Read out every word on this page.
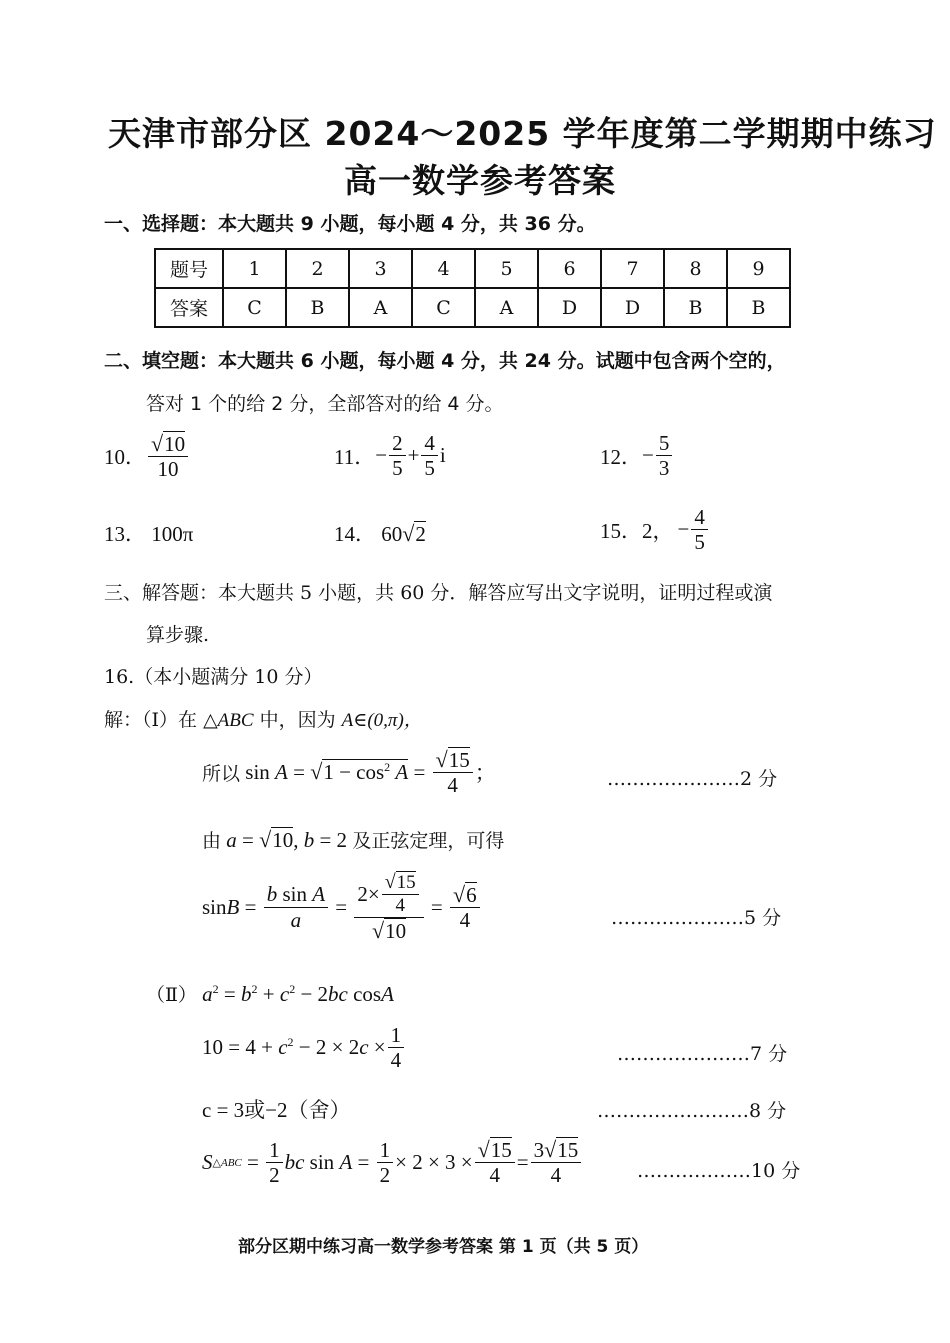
天津市部分区 2024～2025 学年度第二学期期中练习
高一数学参考答案
一、选择题：本大题共 9 小题，每小题 4 分，共 36 分。
题号	1	2	3	4	5	6	7	8	9
答案	C	B	A	C	A	D	D	B	B
二、填空题：本大题共 6 小题，每小题 4 分，共 24 分。试题中包含两个空的，
答对 1 个的给 2 分，全部答对的给 4 分。
10． $\frac{√10}{10}$	11． − $\frac{2}{5} + \frac{4}{5}$ i	12． − $\frac{5}{3}$
13． 100π	14． 60√2	15． 2， − $\frac{4}{5}$
三、解答题：本大题共 5 小题，共 60 分．解答应写出文字说明，证明过程或演
算步骤.
16.（本小题满分 10 分）
解：（Ⅰ）在 △ABC 中，因为 A∈(0,π)，
所以 $\sin A = √1 - \cos^2 A = \frac{√15}{4}$ ；	…………………2 分
由 a = √10, b = 2 及正弦定理，可得
$\sin B = \frac{\text{b sin A}}{a} = \frac{2\times \frac{√15}{4}}{√10} = \frac{√6}{4}$	…………………5 分
（Ⅱ） $a^2 = b^2 + c^2 - 2bc$ cosA
$10 = 4 + c^2 - 2 \times 2c \times \frac{1}{4}$	…………………7 分
c = 3或−2（舍）	……………………8 分
S △ABC = $\frac{1}{2}$ bc $\sin A = \frac{1}{2} \times 2 \times 3 \times \frac{√15}{4} = \frac{3√15}{4}$	………………10 分
部分区期中练习高一数学参考答案 第 1 页（共 5 页）
